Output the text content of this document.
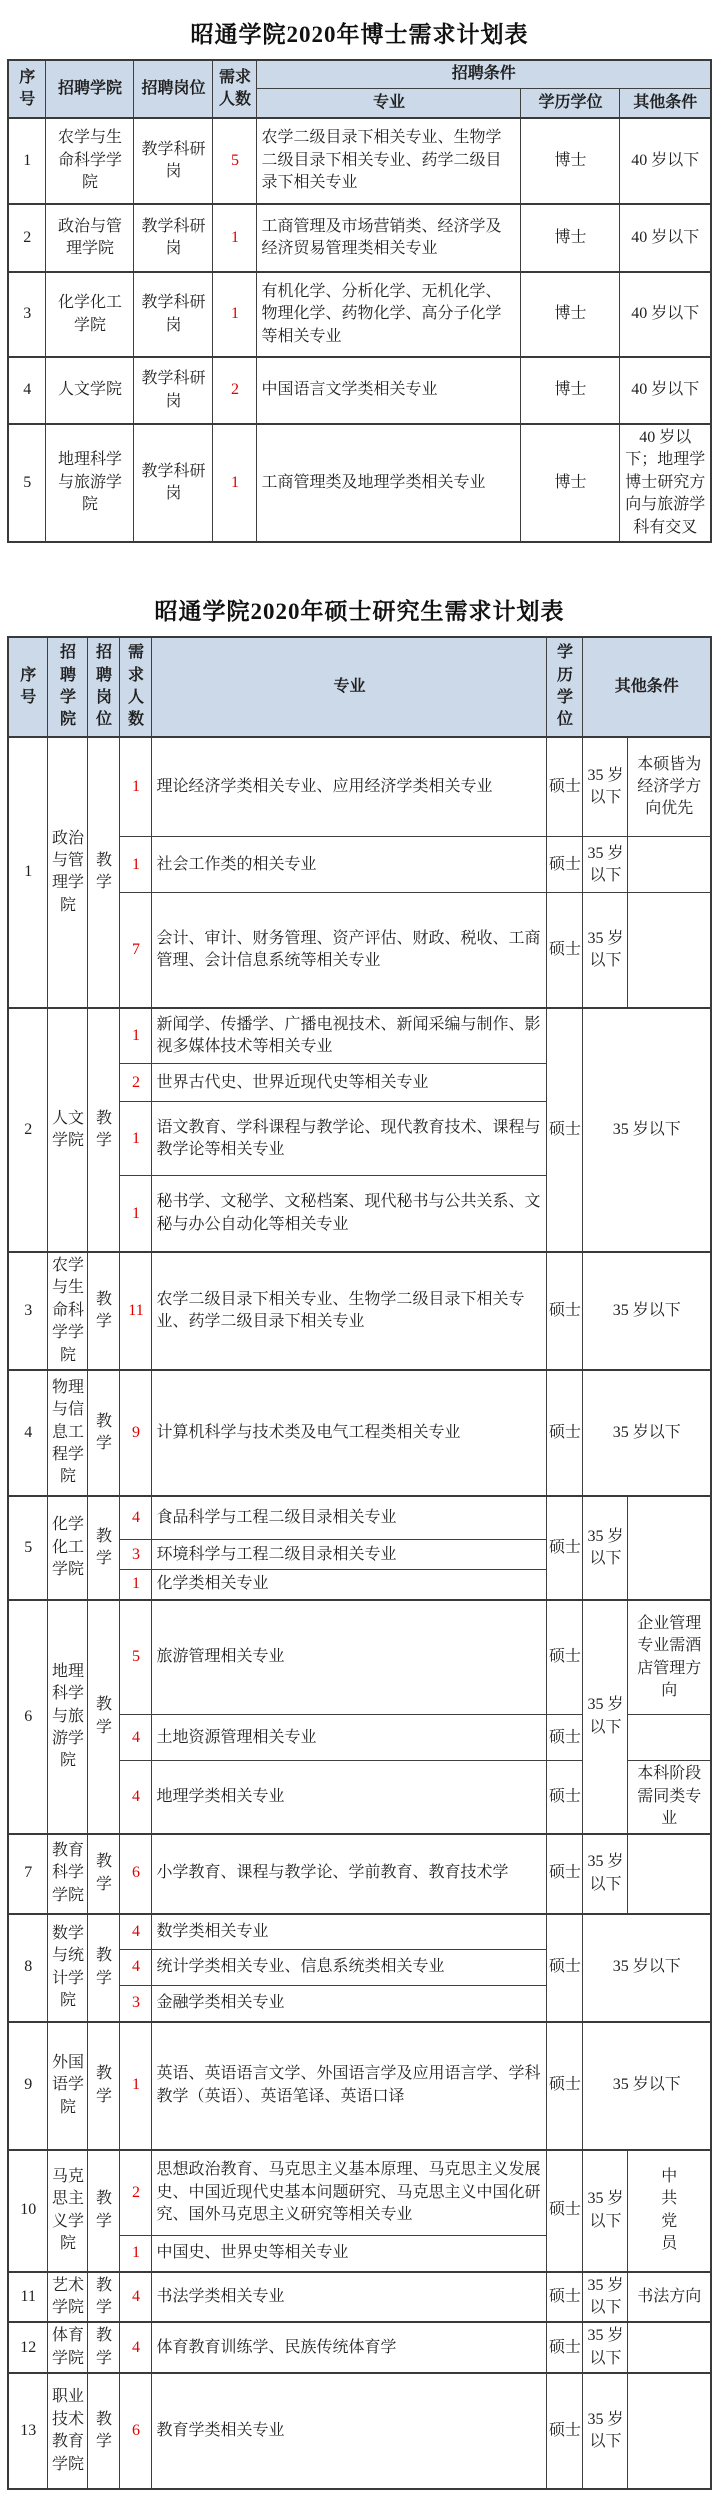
昭通学院2020年博士需求计划表
序号	招聘学院	招聘岗位	需求人数	招聘条件		
				专业	学历学位	其他条件
1	农学与生命科学学院	教学科研岗	5	农学二级目录下相关专业、生物学二级目录下相关专业、药学二级目录下相关专业	博士	40 岁以下
2	政治与管理学院	教学科研岗	1	工商管理及市场营销类、经济学及经济贸易管理类相关专业	博士	40 岁以下
3	化学化工学院	教学科研岗	1	有机化学、分析化学、无机化学、物理化学、药物化学、高分子化学等相关专业	博士	40 岁以下
4	人文学院	教学科研岗	2	中国语言文学类相关专业	博士	40 岁以下
5	地理科学与旅游学院	教学科研岗	1	工商管理类及地理学类相关专业	博士	40 岁以下；地理学博士研究方向与旅游学科有交叉
昭通学院2020年硕士研究生需求计划表
序号	招聘学院	招聘岗位	需求人数	专业	学历学位	其他条件	
1	政治与管理学院	教学	1	理论经济学类相关专业、应用经济学类相关专业	硕士	35 岁以下	本硕皆为经济学方向优先
			1	社会工作类的相关专业	硕士	35 岁以下	
			7	会计、审计、财务管理、资产评估、财政、税收、工商管理、会计信息系统等相关专业	硕士	35 岁以下	
2	人文学院	教学	1	新闻学、传播学、广播电视技术、新闻采编与制作、影视多媒体技术等相关专业	硕士	35 岁以下	
			2	世界古代史、世界近现代史等相关专业			
			1	语文教育、学科课程与教学论、现代教育技术、课程与教学论等相关专业			
			1	秘书学、文秘学、文秘档案、现代秘书与公共关系、文秘与办公自动化等相关专业			
3	农学与生命科学学院	教学	11	农学二级目录下相关专业、生物学二级目录下相关专业、药学二级目录下相关专业	硕士	35 岁以下	
4	物理与信息工程学院	教学	9	计算机科学与技术类及电气工程类相关专业	硕士	35 岁以下	
5	化学化工学院	教学	4	食品科学与工程二级目录相关专业	硕士	35 岁以下	
			3	环境科学与工程二级目录相关专业			
			1	化学类相关专业			
6	地理科学与旅游学院	教学	5	旅游管理相关专业	硕士	35 岁以下	企业管理专业需酒店管理方向
			4	土地资源管理相关专业	硕士		
			4	地理学类相关专业	硕士		本科阶段需同类专业
7	教育科学学院	教学	6	小学教育、课程与教学论、学前教育、教育技术学	硕士	35 岁以下	
8	数学与统计学院	教学	4	数学类相关专业	硕士	35 岁以下	
			4	统计学类相关专业、信息系统类相关专业			
			3	金融学类相关专业			
9	外国语学院	教学	1	英语、英语语言文学、外国语言学及应用语言学、学科教学（英语）、英语笔译、英语口译	硕士	35 岁以下	
10	马克思主义学院	教学	2	思想政治教育、马克思主义基本原理、马克思主义发展史、中国近现代史基本问题研究、马克思主义中国化研究、国外马克思主义研究等相关专业	硕士	35 岁以下	中共党员
			1	中国史、世界史等相关专业			
11	艺术学院	教学	4	书法学类相关专业	硕士	35 岁以下	书法方向
12	体育学院	教学	4	体育教育训练学、民族传统体育学	硕士	35 岁以下	
13	职业技术教育学院	教学	6	教育学类相关专业	硕士	35 岁以下	
